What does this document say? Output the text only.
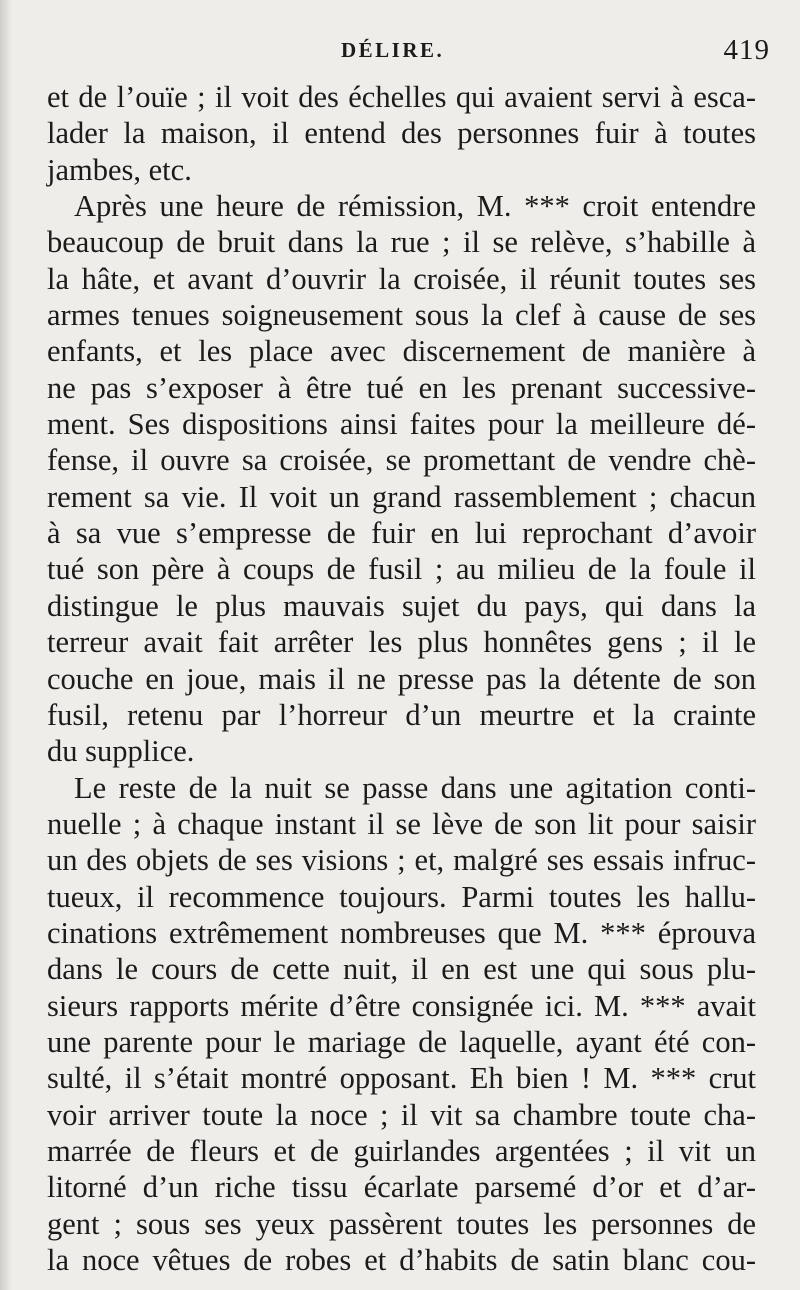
DÉLIRE.	419
et de l’ouïe ; il voit des échelles qui avaient servi à esca-
lader la maison, il entend des personnes fuir à toutes
jambes, etc.
Après une heure de rémission, M. *** croit entendre
beaucoup de bruit dans la rue ; il se relève, s’habille à
la hâte, et avant d’ouvrir la croisée, il réunit toutes ses
armes tenues soigneusement sous la clef à cause de ses
enfants, et les place avec discernement de manière à
ne pas s’exposer à être tué en les prenant successive-
ment. Ses dispositions ainsi faites pour la meilleure dé-
fense, il ouvre sa croisée, se promettant de vendre chè-
rement sa vie. Il voit un grand rassemblement ; chacun
à sa vue s’empresse de fuir en lui reprochant d’avoir
tué son père à coups de fusil ; au milieu de la foule il
distingue le plus mauvais sujet du pays, qui dans la
terreur avait fait arrêter les plus honnêtes gens ; il le
couche en joue, mais il ne presse pas la détente de son
fusil, retenu par l’horreur d’un meurtre et la crainte
du supplice.
Le reste de la nuit se passe dans une agitation conti-
nuelle ; à chaque instant il se lève de son lit pour saisir
un des objets de ses visions ; et, malgré ses essais infruc-
tueux, il recommence toujours. Parmi toutes les hallu-
cinations extrêmement nombreuses que M. *** éprouva
dans le cours de cette nuit, il en est une qui sous plu-
sieurs rapports mérite d’être consignée ici. M. *** avait
une parente pour le mariage de laquelle, ayant été con-
sulté, il s’était montré opposant. Eh bien ! M. *** crut
voir arriver toute la noce ; il vit sa chambre toute cha-
marrée de fleurs et de guirlandes argentées ; il vit un
litorné d’un riche tissu écarlate parsemé d’or et d’ar-
gent ; sous ses yeux passèrent toutes les personnes de
la noce vêtues de robes et d’habits de satin blanc cou-
